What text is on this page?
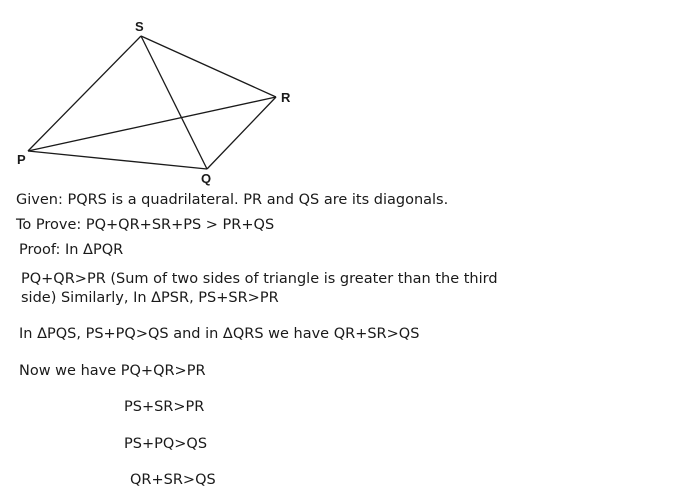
S
R
P
Q
Given: PQRS is a quadrilateral. PR and QS are its diagonals.
To Prove: PQ+QR+SR+PS > PR+QS
Proof: In ΔPQR
PQ+QR>PR (Sum of two sides of triangle is greater than the third
side) Similarly, In ΔPSR, PS+SR>PR
In ΔPQS, PS+PQ>QS and in ΔQRS we have QR+SR>QS
Now we have PQ+QR>PR
PS+SR>PR
PS+PQ>QS
QR+SR>QS
